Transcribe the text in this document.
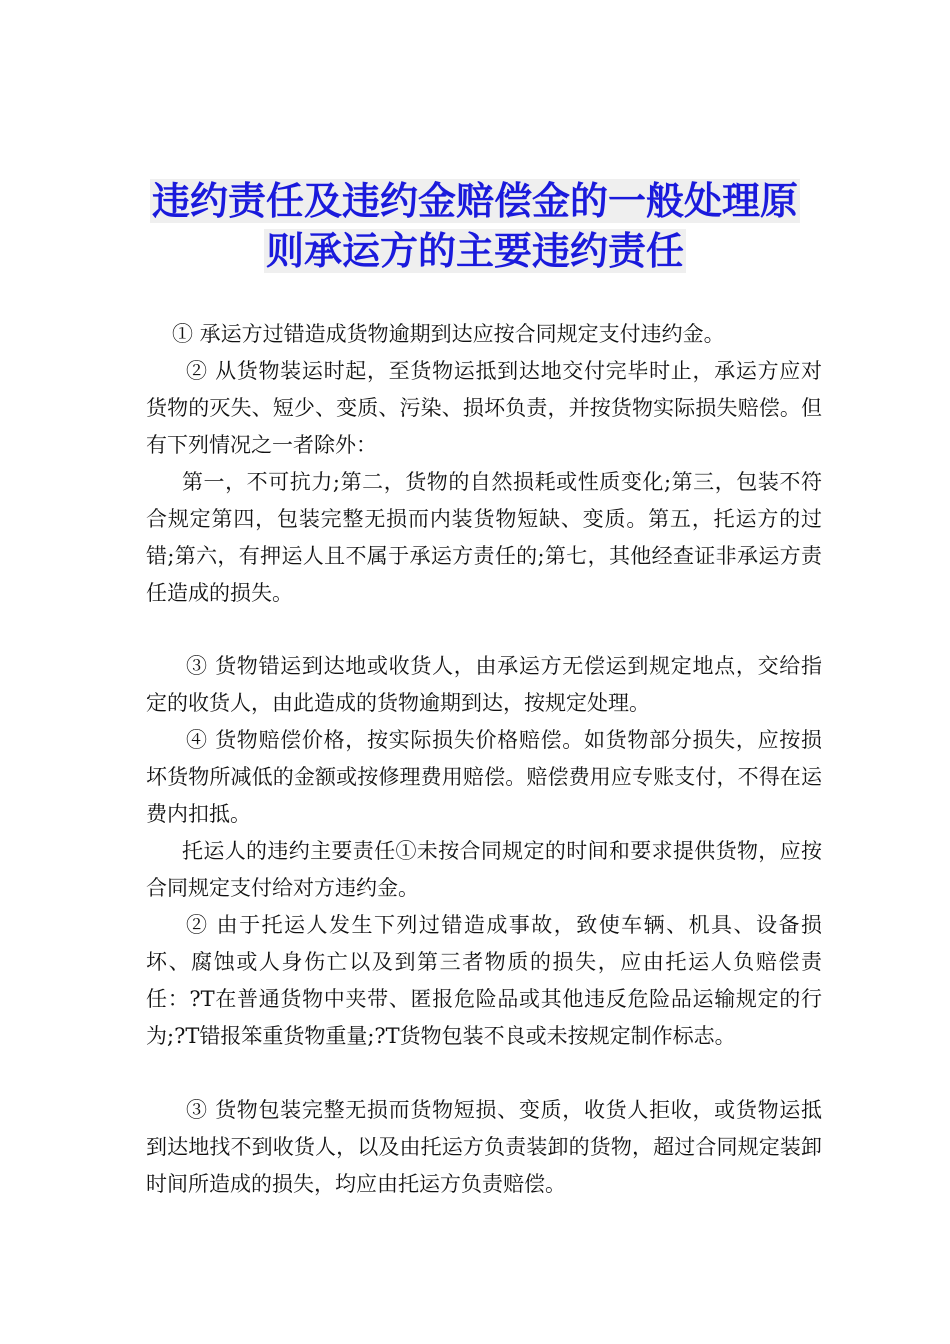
违约责任及违约金赔偿金的一般处理原
则承运方的主要违约责任

① 承运方过错造成货物逾期到达应按合同规定支付违约金。

② 从货物装运时起，至货物运抵到达地交付完毕时止，承运方应对货物的灭失、短少、变质、污染、损坏负责，并按货物实际损失赔偿。但有下列情况之一者除外：

第一，不可抗力;第二，货物的自然损耗或性质变化;第三，包装不符合规定第四，包装完整无损而内装货物短缺、变质。第五，托运方的过错;第六，有押运人且不属于承运方责任的;第七，其他经查证非承运方责任造成的损失。

③ 货物错运到达地或收货人，由承运方无偿运到规定地点，交给指定的收货人，由此造成的货物逾期到达，按规定处理。

④ 货物赔偿价格，按实际损失价格赔偿。如货物部分损失，应按损坏货物所减低的金额或按修理费用赔偿。赔偿费用应专账支付，不得在运费内扣抵。

托运人的违约主要责任①未按合同规定的时间和要求提供货物，应按合同规定支付给对方违约金。

② 由于托运人发生下列过错造成事故，致使车辆、机具、设备损坏、腐蚀或人身伤亡以及到第三者物质的损失，应由托运人负赔偿责任：?T在普通货物中夹带、匿报危险品或其他违反危险品运输规定的行为;?T错报笨重货物重量;?T货物包装不良或未按规定制作标志。

③ 货物包装完整无损而货物短损、变质，收货人拒收，或货物运抵到达地找不到收货人，以及由托运方负责装卸的货物，超过合同规定装卸时间所造成的损失，均应由托运方负责赔偿。
